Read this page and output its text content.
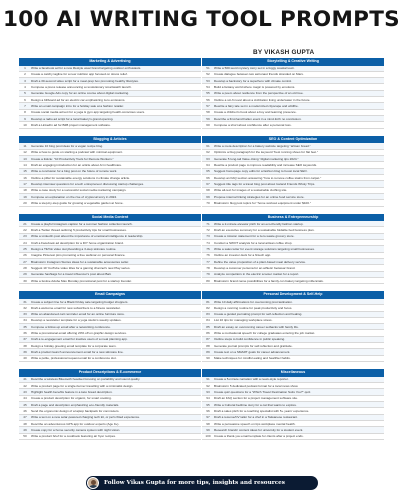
100 AI WRITING TOOL PROMPTS
BY VIKASH GUPTA
Marketing & Advertising
1	Write a facebook ad for a new lifestyle wear brand targeting outdoor enthusiasts.
2	Create a catchy tagline for a new nutrition app focused on stress relief.
3	Draft a 30-second video script for a meal-prep box promoting healthy lifestyles.
4	Compose a press release announcing a revolutionary smartwatch launch.
5	Generate Google Ads copy for an online course about digital marketing.
6	Design a billboard ad for an electric car emphasizing zero emissions.
7	Write an email campaign intro for a holiday sale at a fashion retailer.
8	Create social media ad text for a yoga & gym app targeting health-conscious users.
9	Develop a radio ad script for a local bakery's grand opening.
10	Draft a LinkedIn ad for B2B project management software.
Blogging & Articles
11	Generate 10 blog post ideas for a vegan recipe blog.
12	Write a how-to guide on starting a podcast with minimal equipment.
13	Create a listicle: "10 Productivity Tools for Remote Workers."
14	Draft an engaging introduction for an article about AI in healthcare.
15	Write a conclusion for a blog post on the future of remote work.
16	Outline a pillar for sustainable energy solutions in climate change article.
17	Develop interview questions for a tech entrepreneur discussing startup challenges.
18	Write a case study for a successful social media marketing campaign.
19	Compose an explanation on the rise of cryptocurrency in 2024.
20	Write a step-by-step guide for growing a vegetable garden at home.
Social Media Content
21	Create a playful Instagram caption for a summer fashion collection launch.
22	Draft a Twitter thread outlining 5 productivity tips for small businesses.
23	Write a LinkedIn post about the importance of emotional intelligence in leadership.
24	Craft a Facebook ad description for a DIY home organization brand.
25	Design a TikTok video storyboarding a 3-step skincare routine.
26	Imagine Pinterest pins promoting a free webinar on personal finance.
27	Brainstorm Instagram Stories ideas for a sustainable accessories seller.
28	Suggest 10 YouTube video titles for a gaming channel's new Play series.
29	Generate hashtags for a travel influencer's post about Bali.
30	Write a festive Adobe Max Monday promotional post for a startup founder.
Email Campaigns
31	Create a subject line for a Black Friday sale targeting budget shoppers.
32	Draft a welcome email for new subscribers to a fitness newsletter.
33	Write an abandoned cart reminder email for an online furniture store.
34	Develop a newsletter template for a yoga studio's weekly updates.
35	Compose a follow-up email after a networking conference.
36	Write a promotional email offering 20% off on graphic design services.
37	Craft a re-engagement email for inactive users of a meal planning app.
38	Design a holiday greeting email template for a corporate team.
39	Draft a product launch announcement email for a new skincare line.
40	Write a polite, professional request email for a conference slot.
Product Descriptions & E-commerce
41	Describe a wireless Bluetooth headset focusing on portability and sound quality.
42	Write a product page for a single-burner travelling with a minimalist design.
43	Highlight health benefits feature in a keto bread description.
44	Create a product description for organic, for smart cooking.
45	Draft a page and description emphasizing eco-friendly materials.
46	Send the ergonomic design of a laptop backpack for commuters.
47	Write a text on a new solar-powered charging tech kit, or pet's fitted experience.
48	Describe an adventurous GPS app for outdoor experts (Age 9+).
49	Create copy for a home security camera system with night vision.
50	Write a product brief for a cookbook featuring air fryer recipes.
Storytelling & Creative Writing
51	Write a 500-word mystery story set in a foggy coastal town.
52	Create dialogue between two astronaut friends stranded on Mars.
53	Develop a backstory for a superhero with climate control.
54	Build a fantasy world where magic is powered by emotions.
55	Write a poem about resilience from the perspective of an old tree.
56	Outline a sci-fi novel about a civilization living underwater in the future.
57	Rewrite a fairy tale set in a modernized cityscape and wildfire.
58	Create a children's book about a boy and learning presence.
59	Describe a first-hand Fallen event in a mind-forth no conclusion.
60	Compose a short about confidence after a personal loss.
SEO & Content Optimization
61	Write a meta description for a bakery website targeting "artisan bread."
62	Optimize a blog paragraph for the keyword "best running shoes for flat feet."
63	Generate 5 long-tail Value-Using "digital marketing tips 2024."
64	Rewrite a product page to improve readability and increase SEO keywords.
65	Suggest homepage copy edits for a fashion blog to boost local SEO.
66	Develop an FAQ section answering "how to remove coffee stains from carpet."
67	Suggest title tags for a travel blog post about Iceland Friends Wholy Trips.
68	Write alt-text for images of a sustainable clothing site.
69	Propose internal linking strategies for an online food service store.
70	Brainstorm blog post topics for "home workout equipment under $100."
Business & Entrepreneurship
71	Write a 2-minute elevator pitch for an eco-friendly fashion startup.
72	Draft an executive summary for a sustainable foldable bed business plan.
73	Create a mission statement for a zero-waste grocery store.
74	Conduct a SWOT analysis for a local artisan coffee shop.
75	Write a sales letter for event storage solutions targeting small businesses.
76	Outline an investor deck for a fintech app.
77	Define the value proposition of a plant-based meal delivery service.
78	Develop a customer persona for an athletic footwear brand.
79	Analyze competitors in the electric scooter market for a report.
80	Brainstorm brand name possibilities for a family-run bakery targeting millennials.
Personal Development & Self-Help
81	Write 10 daily affirmations for overcoming procrastination.
82	Design a morning routine for peak productivity and focus.
83	Create a guided journaling prompt for self-reflection and healing.
84	List 10 tips for managing workplace stress.
85	Draft an essay on overcoming career setbacks with family life.
86	Write a motivational speech for college graduates entering the job market.
87	Outline steps to build confidence in public speaking.
88	Generate journal prompts for self-reflection and gratitude.
89	Create text on a SMART goals for career advancement.
90	Make techniques for mindful eating and healthier habits.
Miscellaneous
91	Create a 5-minute narration with a news-style reporter.
92	Brainstorm 5 dedicated podcast format for a local news show.
93	Create quiz questions for a "Which Travel Destination Suits You?" quiz.
94	Draft an FAQ section for a project management software site.
95	Write a Cultural bedtime story for a cat that wants to explore.
96	Draft a sales pitch for a coaching specialist with 5+ years' experience.
97	Draft a resume/CV tailor for a chef in a Taiwanese restaurant.
98	Write a persuasive speech on tips workplace mental health.
99	Research brands' content ideas for university for a student event.
100	Create a thank-you email template for clients after a project ends.
Follow Vikas Gupta for more tips, insights and resources
